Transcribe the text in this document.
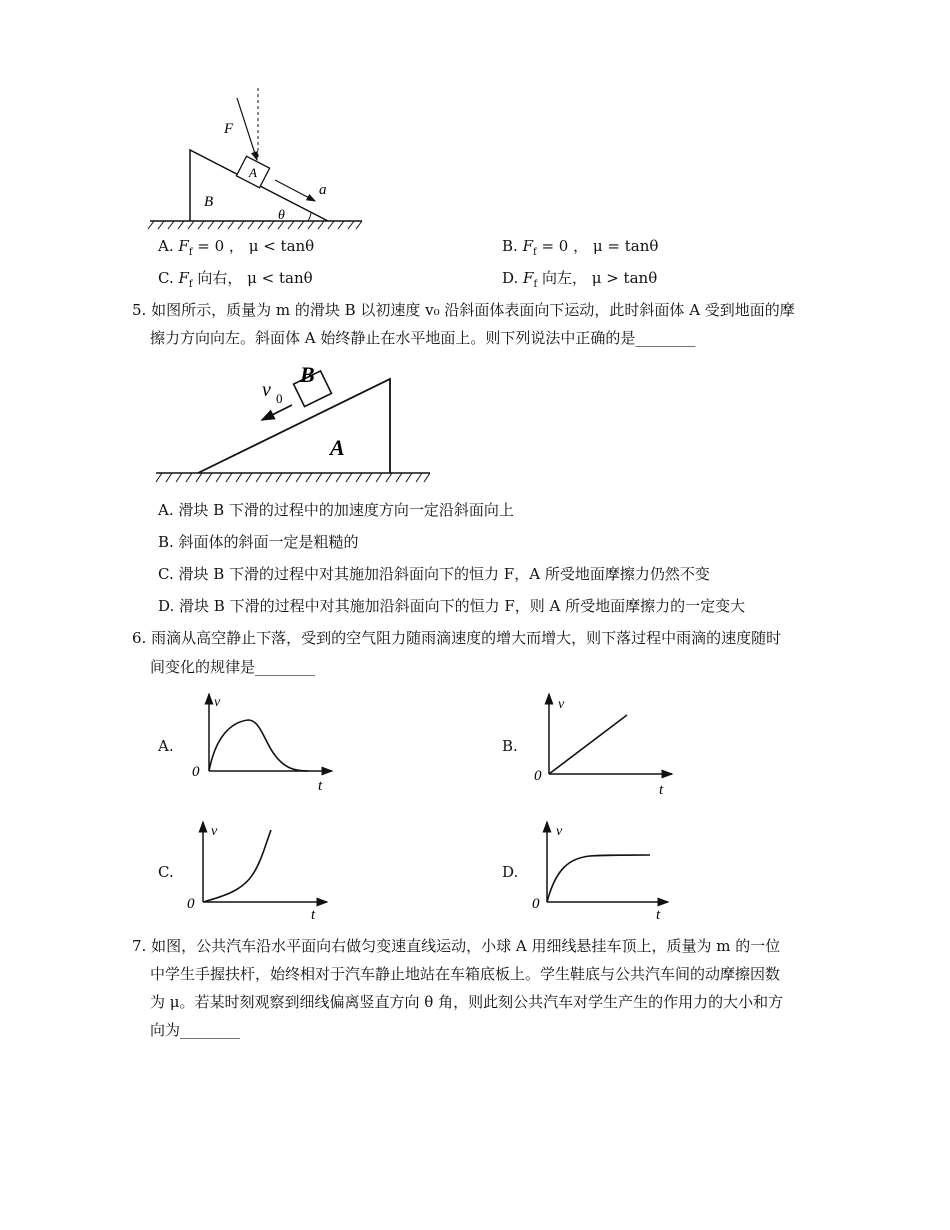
F
A
B
a
θ
A. $F_f = 0$ ， μ < tanθ	B. $F_f = 0$ ， μ = tanθ
C. $F_f$ 向右， μ < tanθ	D. $F_f$ 向左， μ > tanθ
5. 如图所示，质量为 m 的滑块 B 以初速度 v₀ 沿斜面体表面向下运动，此时斜面体 A 受到地面的摩
擦力方向向左。斜面体 A 始终静止在水平地面上。则下列说法中正确的是________
B
A
v 0
A. 滑块 B 下滑的过程中的加速度方向一定沿斜面向上
B. 斜面体的斜面一定是粗糙的
C. 滑块 B 下滑的过程中对其施加沿斜面向下的恒力 F，A 所受地面摩擦力仍然不变
D. 滑块 B 下滑的过程中对其施加沿斜面向下的恒力 F，则 A 所受地面摩擦力的一定变大
6. 雨滴从高空静止下落，受到的空气阻力随雨滴速度的增大而增大，则下落过程中雨滴的速度随时
间变化的规律是________
A.
v
t
0
B.
v
t
0
C.
v
t
0
D.
v
t
0
7. 如图，公共汽车沿水平面向右做匀变速直线运动，小球 A 用细线悬挂车顶上，质量为 m 的一位
中学生手握扶杆，始终相对于汽车静止地站在车箱底板上。学生鞋底与公共汽车间的动摩擦因数
为 μ。若某时刻观察到细线偏离竖直方向 θ 角，则此刻公共汽车对学生产生的作用力的大小和方
向为________
